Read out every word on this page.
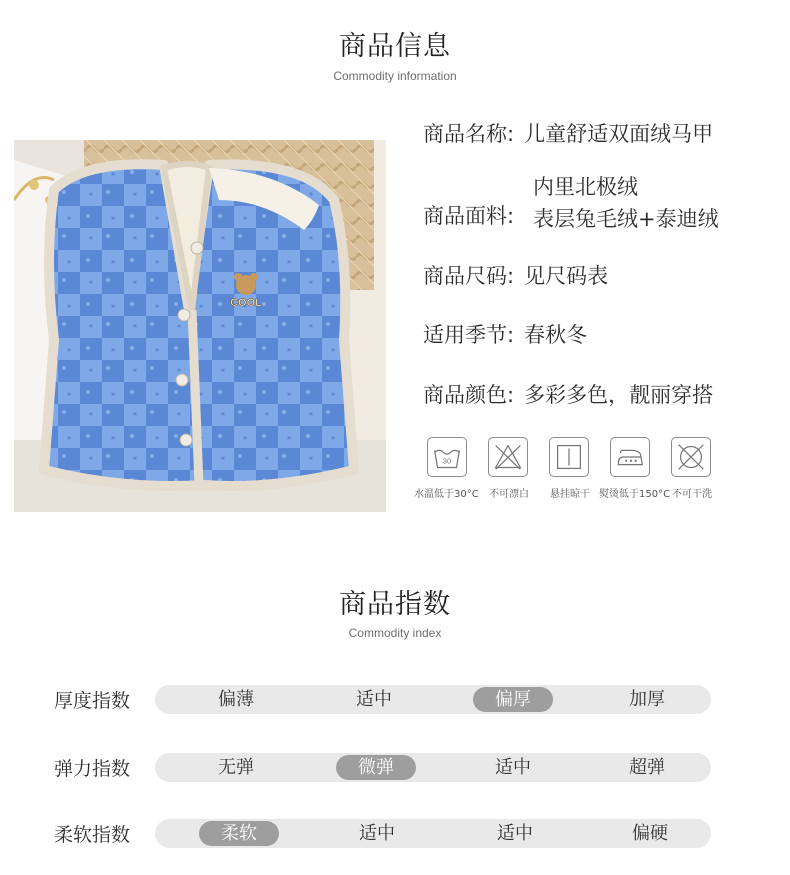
商品信息
Commodity information
COOL
商品名称: 儿童舒适双面绒马甲
商品面料:
内里北极绒
表层兔毛绒+泰迪绒
商品尺码: 见尺码表
适用季节: 春秋冬
商品颜色: 多彩多色，靓丽穿搭
30
水温低于30°C 不可漂白 悬挂晾干 熨烫低于150°C 不可干洗
商品指数
Commodity index
厚度指数	偏薄	适中	偏厚	加厚
弹力指数	无弹	微弹	适中	超弹
柔软指数	柔软	适中	适中	偏硬
